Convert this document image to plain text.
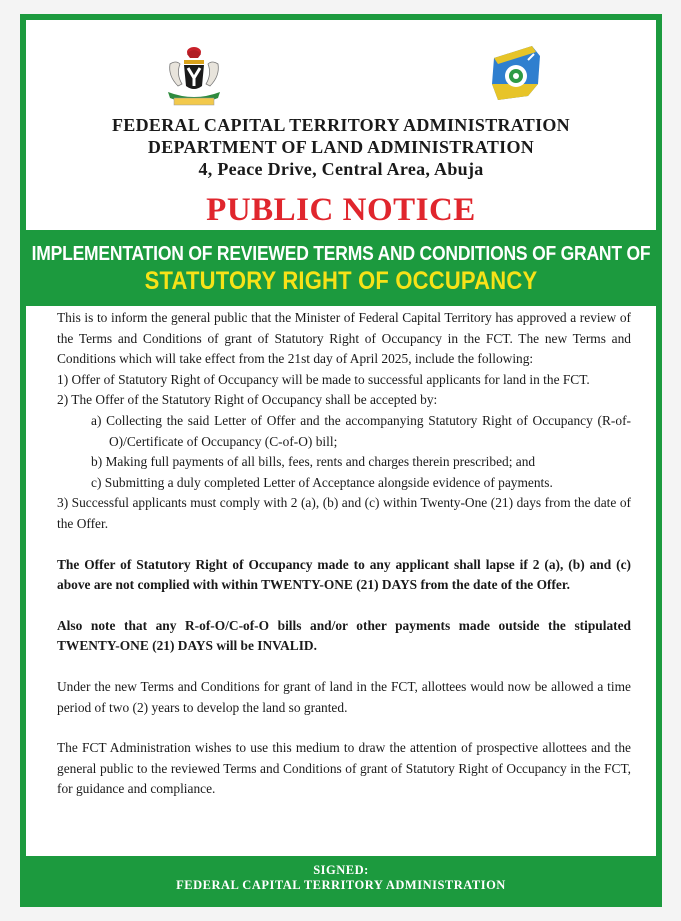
FEDERAL CAPITAL TERRITORY ADMINISTRATION
DEPARTMENT OF LAND ADMINISTRATION
4, Peace Drive, Central Area, Abuja
PUBLIC NOTICE
IMPLEMENTATION OF REVIEWED TERMS AND CONDITIONS OF GRANT OF
STATUTORY RIGHT OF OCCUPANCY

This is to inform the general public that the Minister of Federal Capital Territory has approved a review of the Terms and Conditions of grant of Statutory Right of Occupancy in the FCT. The new Terms and Conditions which will take effect from the 21st day of April 2025, include the following:

1) Offer of Statutory Right of Occupancy will be made to successful applicants for land in the FCT.

2) The Offer of the Statutory Right of Occupancy shall be accepted by:

a) Collecting the said Letter of Offer and the accompanying Statutory Right of Occupancy (R-of-O)/Certificate of Occupancy (C-of-O) bill;

b) Making full payments of all bills, fees, rents and charges therein prescribed; and

c) Submitting a duly completed Letter of Acceptance alongside evidence of payments.

3) Successful applicants must comply with 2 (a), (b) and (c) within Twenty-One (21) days from the date of the Offer.

The Offer of Statutory Right of Occupancy made to any applicant shall lapse if 2 (a), (b) and (c) above are not complied with within TWENTY-ONE (21) DAYS from the date of the Offer.

Also note that any R-of-O/C-of-O bills and/or other payments made outside the stipulated TWENTY-ONE (21) DAYS will be INVALID.

Under the new Terms and Conditions for grant of land in the FCT, allottees would now be allowed a time period of two (2) years to develop the land so granted.

The FCT Administration wishes to use this medium to draw the attention of prospective allottees and the general public to the reviewed Terms and Conditions of grant of Statutory Right of Occupancy in the FCT, for guidance and compliance.

SIGNED:
FEDERAL CAPITAL TERRITORY ADMINISTRATION
